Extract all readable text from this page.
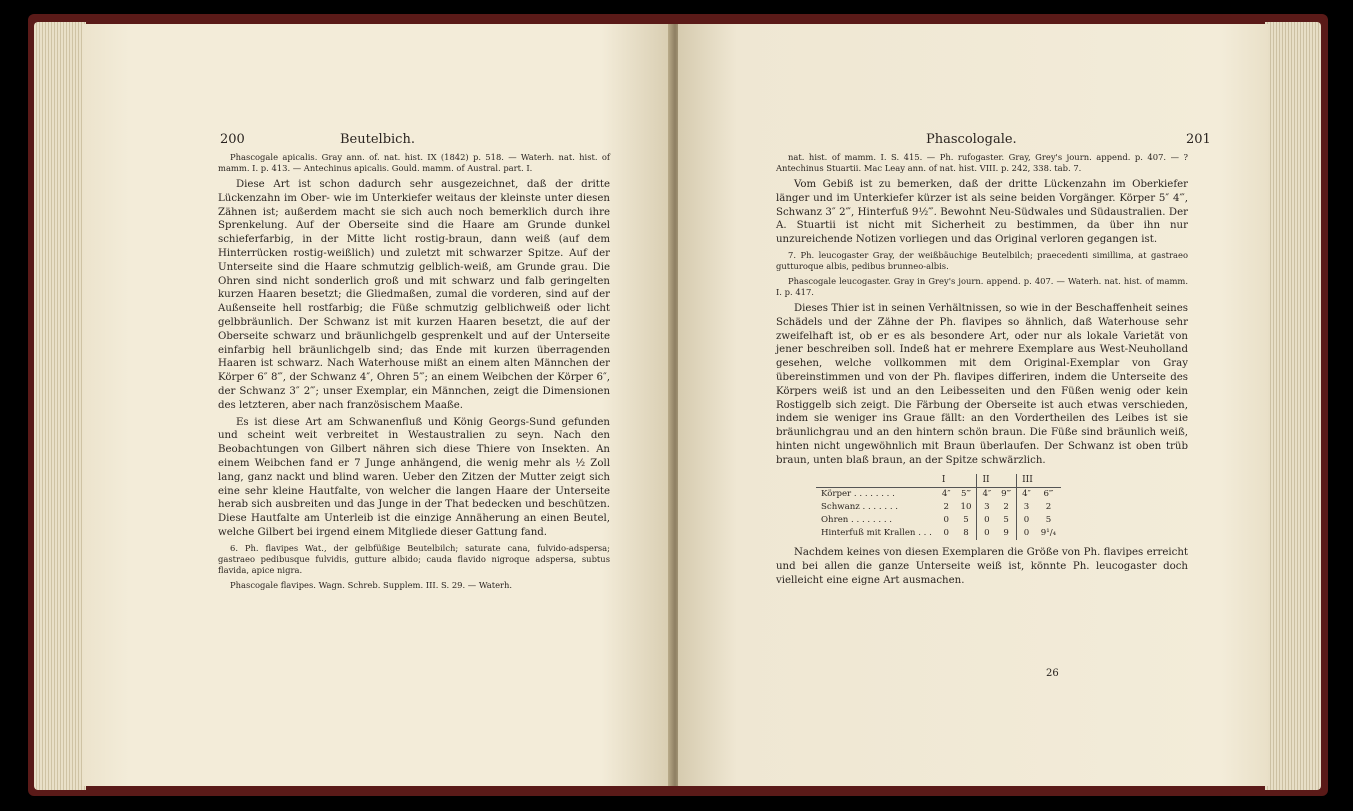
200	Beutelbich.

Phascogale apicalis. Gray ann. of. nat. hist. IX (1842) p. 518. — Waterh. nat. hist. of mamm. I. p. 413. — Antechinus apicalis. Gould. mamm. of Austral. part. I.

Diese Art ist schon dadurch sehr ausgezeichnet, daß der dritte Lückenzahn im Ober- wie im Unterkiefer weitaus der kleinste unter diesen Zähnen ist; außerdem macht sie sich auch noch bemerklich durch ihre Sprenkelung. Auf der Oberseite sind die Haare am Grunde dunkel schieferfarbig, in der Mitte licht rostig-braun, dann weiß (auf dem Hinterrücken rostig-weißlich) und zuletzt mit schwarzer Spitze. Auf der Unterseite sind die Haare schmutzig gelblich-weiß, am Grunde grau. Die Ohren sind nicht sonderlich groß und mit schwarz und falb geringelten kurzen Haaren besetzt; die Gliedmaßen, zumal die vorderen, sind auf der Außenseite hell rostfarbig; die Füße schmutzig gelblichweiß oder licht gelbbräunlich. Der Schwanz ist mit kurzen Haaren besetzt, die auf der Oberseite schwarz und bräunlichgelb gesprenkelt und auf der Unterseite einfarbig hell bräunlichgelb sind; das Ende mit kurzen überragenden Haaren ist schwarz. Nach Waterhouse mißt an einem alten Männchen der Körper 6″ 8‴, der Schwanz 4″, Ohren 5‴; an einem Weibchen der Körper 6″, der Schwanz 3″ 2‴; unser Exemplar, ein Männchen, zeigt die Dimensionen des letzteren, aber nach französischem Maaße.

Es ist diese Art am Schwanenfluß und König Georgs-Sund gefunden und scheint weit verbreitet in Westaustralien zu seyn. Nach den Beobachtungen von Gilbert nähren sich diese Thiere von Insekten. An einem Weibchen fand er 7 Junge anhängend, die wenig mehr als ½ Zoll lang, ganz nackt und blind waren. Ueber den Zitzen der Mutter zeigt sich eine sehr kleine Hautfalte, von welcher die langen Haare der Unterseite herab sich ausbreiten und das Junge in der That bedecken und beschützen. Diese Hautfalte am Unterleib ist die einzige Annäherung an einen Beutel, welche Gilbert bei irgend einem Mitgliede dieser Gattung fand.

6. Ph. flavipes Wat., der gelbfüßige Beutelbilch; saturate cana, fulvido-adspersa; gastraeo pedibusque fulvidis, gutture albido; cauda flavido nigroque adspersa, subtus flavida, apice nigra.

Phascogale flavipes. Wagn. Schreb. Supplem. III. S. 29. — Waterh.

Phascologale.	201

nat. hist. of mamm. I. S. 415. — Ph. rufogaster. Gray, Grey's journ. append. p. 407. — ? Antechinus Stuartii. Mac Leay ann. of nat. hist. VIII. p. 242, 338. tab. 7.

Vom Gebiß ist zu bemerken, daß der dritte Lückenzahn im Oberkiefer länger und im Unterkiefer kürzer ist als seine beiden Vorgänger. Körper 5″ 4‴, Schwanz 3″ 2‴, Hinterfuß 9½‴. Bewohnt Neu-Südwales und Südaustralien. Der A. Stuartii ist nicht mit Sicherheit zu bestimmen, da über ihn nur unzureichende Notizen vorliegen und das Original verloren gegangen ist.

7. Ph. leucogaster Gray, der weißbäuchige Beutelbilch; praecedenti simillima, at gastraeo gutturoque albis, pedibus brunneo-albis.

Phascogale leucogaster. Gray in Grey's journ. append. p. 407. — Waterh. nat. hist. of mamm. I. p. 417.

Dieses Thier ist in seinen Verhältnissen, so wie in der Beschaffenheit seines Schädels und der Zähne der Ph. flavipes so ähnlich, daß Waterhouse sehr zweifelhaft ist, ob er es als besondere Art, oder nur als lokale Varietät von jener beschreiben soll. Indeß hat er mehrere Exemplare aus West-Neuholland gesehen, welche vollkommen mit dem Original-Exemplar von Gray übereinstimmen und von der Ph. flavipes differiren, indem die Unterseite des Körpers weiß ist und an den Leibesseiten und den Füßen wenig oder kein Rostiggelb sich zeigt. Die Färbung der Oberseite ist auch etwas verschieden, indem sie weniger ins Graue fällt: an den Vordertheilen des Leibes ist sie bräunlichgrau und an den hintern schön braun. Die Füße sind bräunlich weiß, hinten nicht ungewöhnlich mit Braun überlaufen. Der Schwanz ist oben trüb braun, unten blaß braun, an der Spitze schwärzlich.

	I		II		III	
Körper . . . . . . . .	4″	5‴	4″	9‴	4″	6‴
Schwanz . . . . . . .	2	10	3	2	3	2
Ohren . . . . . . . .	0	5	0	5	0	5
Hinterfuß mit Krallen . . .	0	8	0	9	0	9¹/₄

Nachdem keines von diesen Exemplaren die Größe von Ph. flavipes erreicht und bei allen die ganze Unterseite weiß ist, könnte Ph. leucogaster doch vielleicht eine eigne Art ausmachen.

26
